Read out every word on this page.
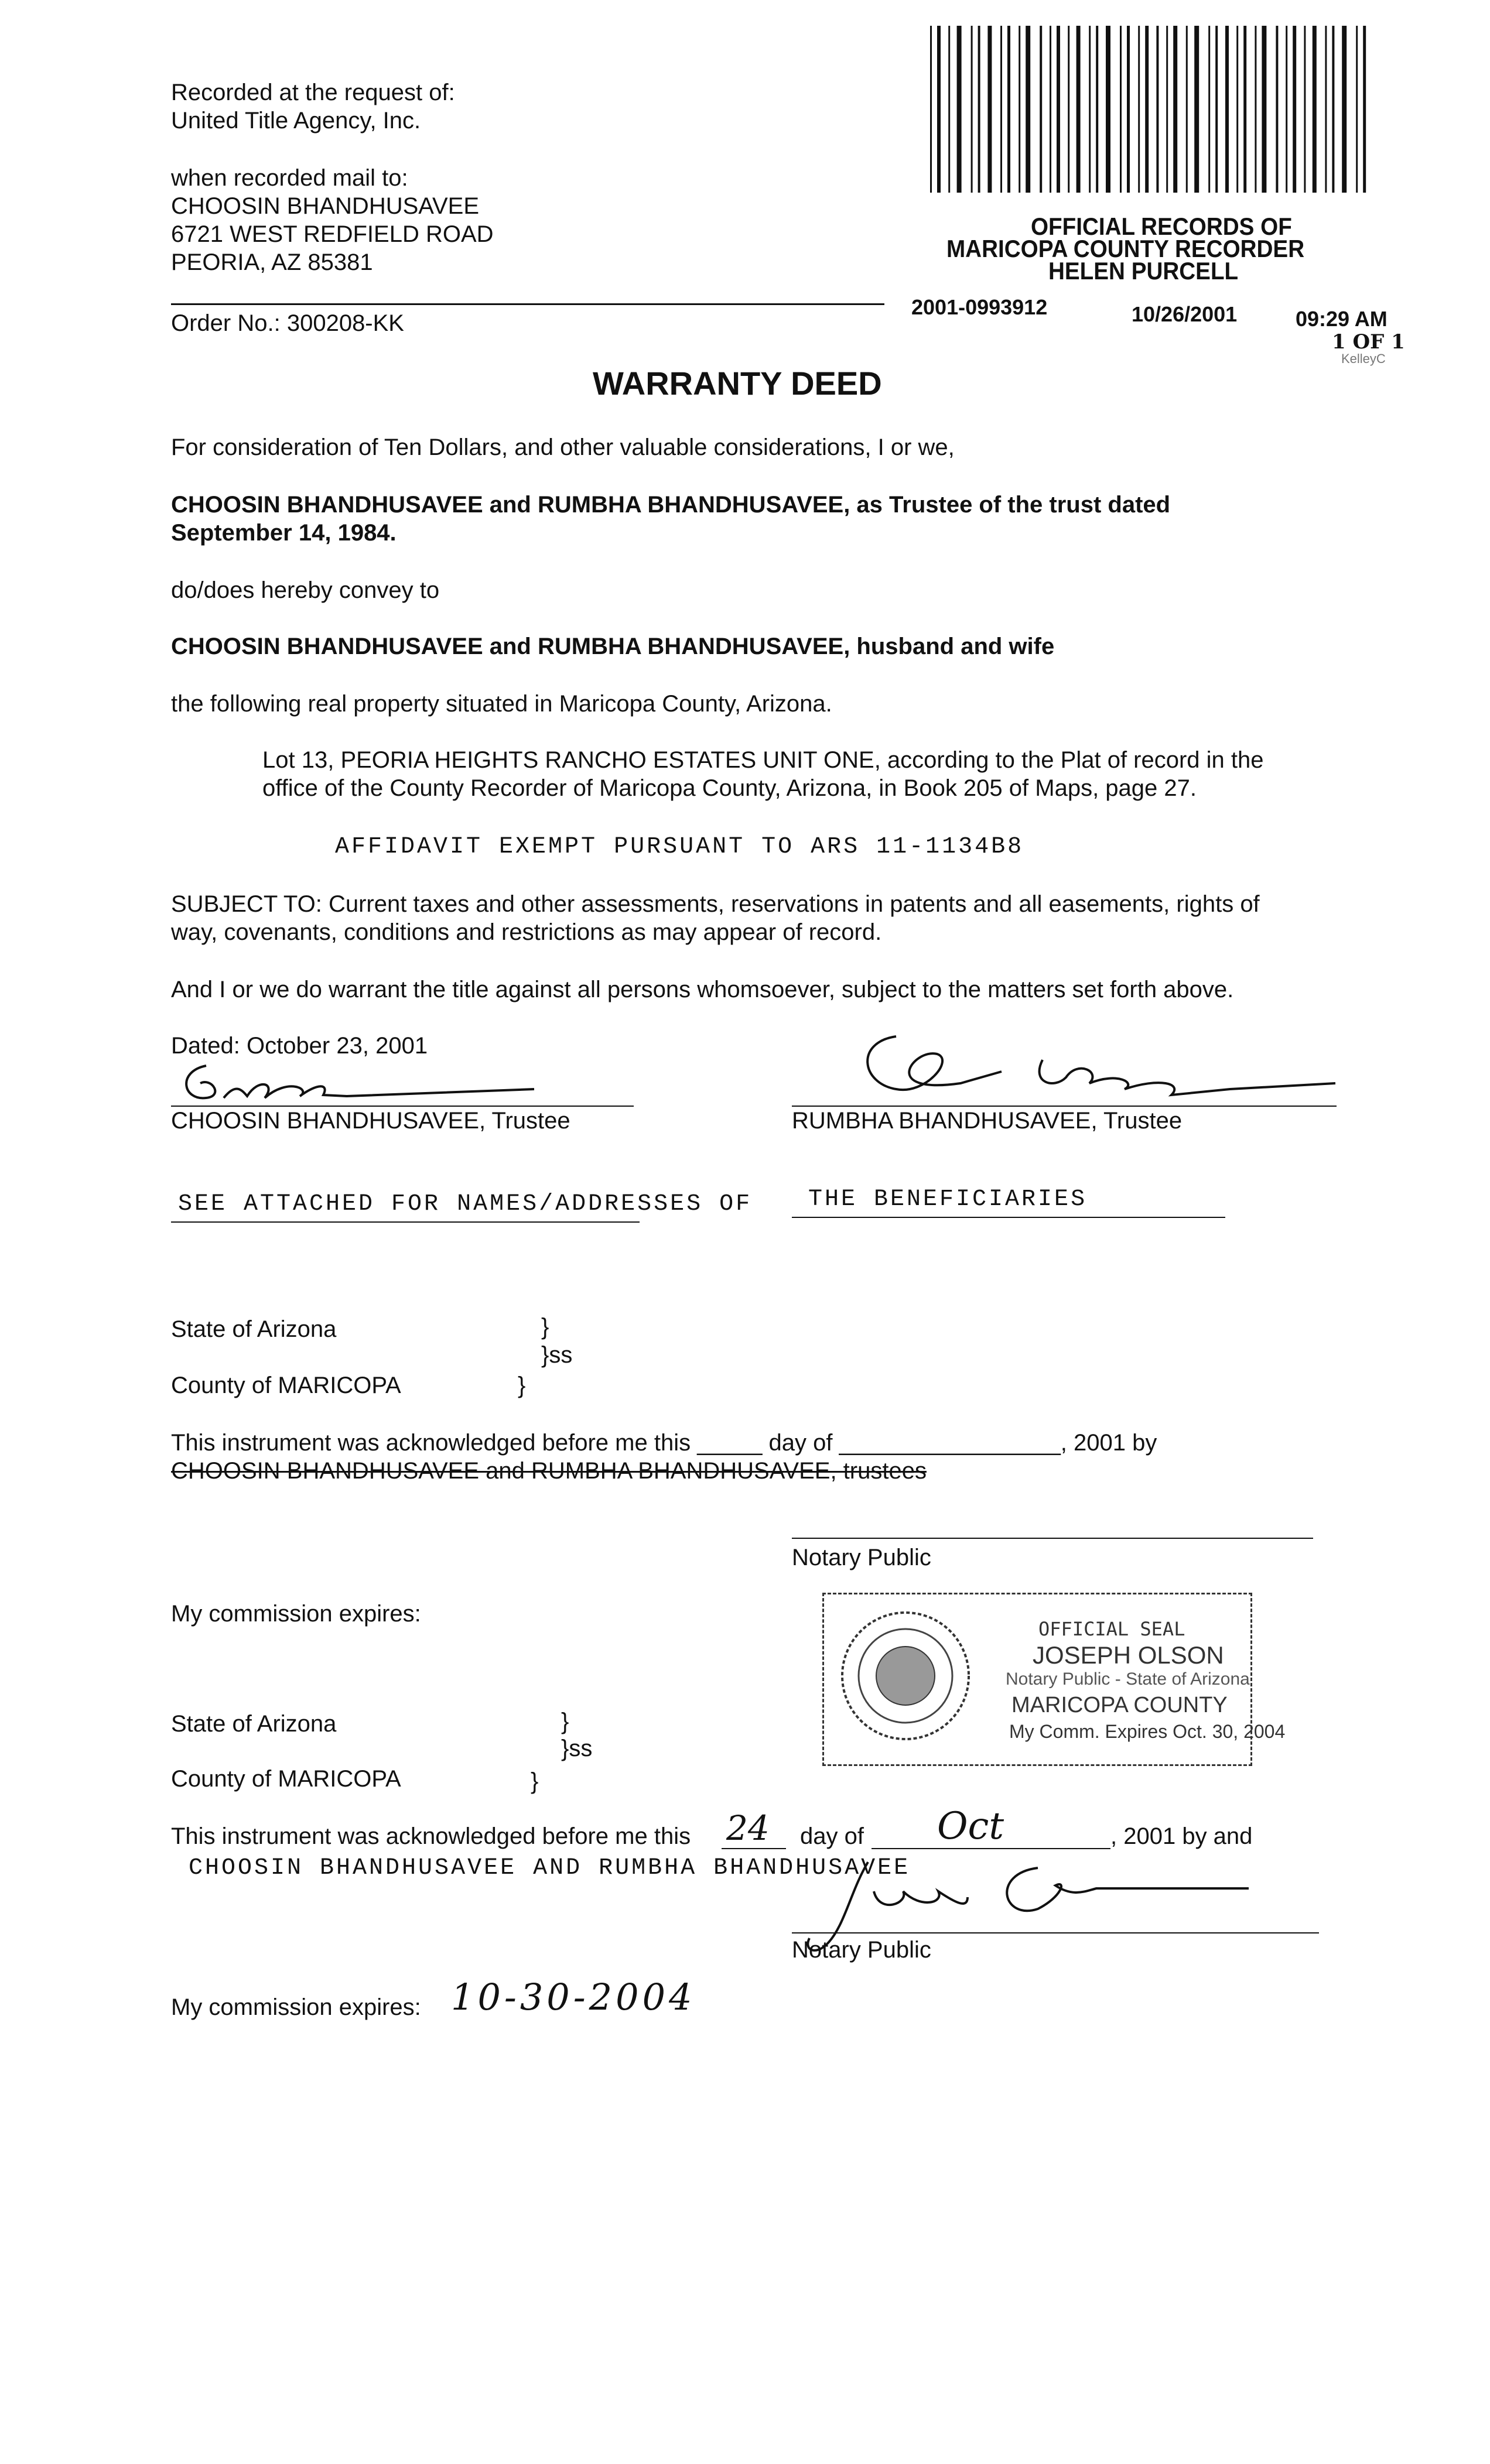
Recorded at the request of:
United Title Agency, Inc.
when recorded mail to:
CHOOSIN BHANDHUSAVEE
6721 WEST REDFIELD ROAD
PEORIA, AZ 85381
Order No.: 300208-KK
OFFICIAL RECORDS OF
MARICOPA COUNTY RECORDER
HELEN PURCELL
2001-0993912	10/26/2001	09:29 AM
1 OF 1
KelleyC
WARRANTY DEED
For consideration of Ten Dollars, and other valuable considerations, I or we,
CHOOSIN BHANDHUSAVEE and RUMBHA BHANDHUSAVEE, as Trustee of the trust dated
September 14, 1984.
do/does hereby convey to
CHOOSIN BHANDHUSAVEE and RUMBHA BHANDHUSAVEE, husband and wife
the following real property situated in Maricopa County, Arizona.
Lot 13, PEORIA HEIGHTS RANCHO ESTATES UNIT ONE, according to the Plat of record in the
office of the County Recorder of Maricopa County, Arizona, in Book 205 of Maps, page 27.
AFFIDAVIT EXEMPT PURSUANT TO ARS 11-1134B8
SUBJECT TO: Current taxes and other assessments, reservations in patents and all easements, rights of
way, covenants, conditions and restrictions as may appear of record.
And I or we do warrant the title against all persons whomsoever, subject to the matters set forth above.
Dated: October 23, 2001
CHOOSIN BHANDHUSAVEE, Trustee	RUMBHA BHANDHUSAVEE, Trustee
SEE ATTACHED FOR NAMES/ADDRESSES OF THE BENEFICIARIES
State of Arizona	}
}ss
County of MARICOPA	}
This instrument was acknowledged before me this _____ day of _________________, 2001 by
CHOOSIN BHANDHUSAVEE and RUMBHA BHANDHUSAVEE, trustees
Notary Public
My commission expires:
OFFICIAL SEAL
JOSEPH OLSON
Notary Public - State of Arizona
MARICOPA COUNTY
My Comm. Expires Oct. 30, 2004
State of Arizona	}
}ss
County of MARICOPA	}
This instrument was acknowledged before me this 24 day of Oct	, 2001 by and
CHOOSIN BHANDHUSAVEE AND RUMBHA BHANDHUSAVEE
Notary Public
My commission expires: 10-30-2004
